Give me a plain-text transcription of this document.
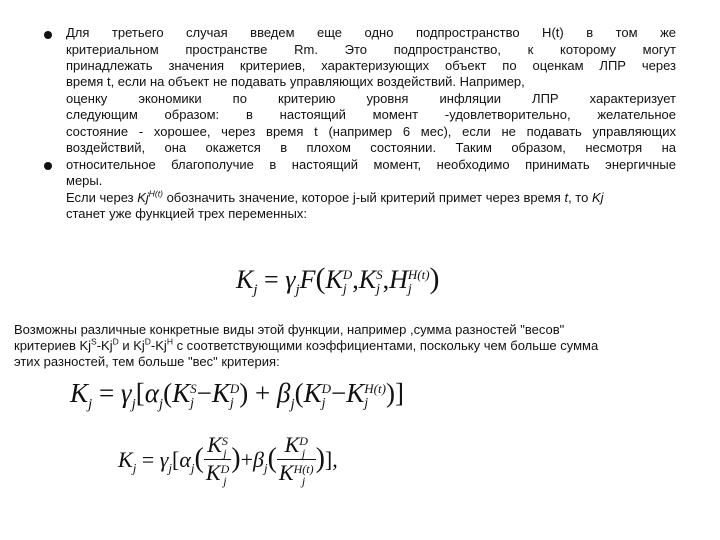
Для третьего случая введем еще одно подпространство H(t) в том же
критериальном пространстве Rm. Это подпространство, к которому могут
принадлежать значения критериев, характеризующих объект по оценкам ЛПР через
время t, если на объект не подавать управляющих воздействий. Например,
оценку экономики по критерию уровня инфляции ЛПР характеризует
следующим образом: в настоящий момент -удовлетворительно, желательное
состояние - хорошее, через время t (например 6 мес), если не подавать управляющих
воздействий, она окажется в плохом состоянии. Таким образом, несмотря на
относительное благополучие в настоящий момент, необходимо принимать энергичные
меры.
Если через $Kj^{H(t)}$ обозначить значение, которое j-ый критерий примет через время t, то Kj
станет уже функцией трех переменных:
$K_j = \gamma_jF(K$ D
j ,K S
j ,H H(t)
j )
Возможны различные конкретные виды этой функции, например ,сумма разностей "весов"
критериев $Kj^S-Kj^D$ и $Kj^D-Kj^H$ с соответствующими коэффициентами, поскольку чем больше сумма
этих разностей, тем больше "вес" критерия:
$K_j = \gamma_j[\alpha_j(K$ S
j −K D
j ) + $\beta_j(K$ D
j −K H(t)
j )]
$K_j = \gamma_j[\alpha_j$( K S
j
K D
j
)$+\beta_j$( K D
j
K H(t)
j
)],
